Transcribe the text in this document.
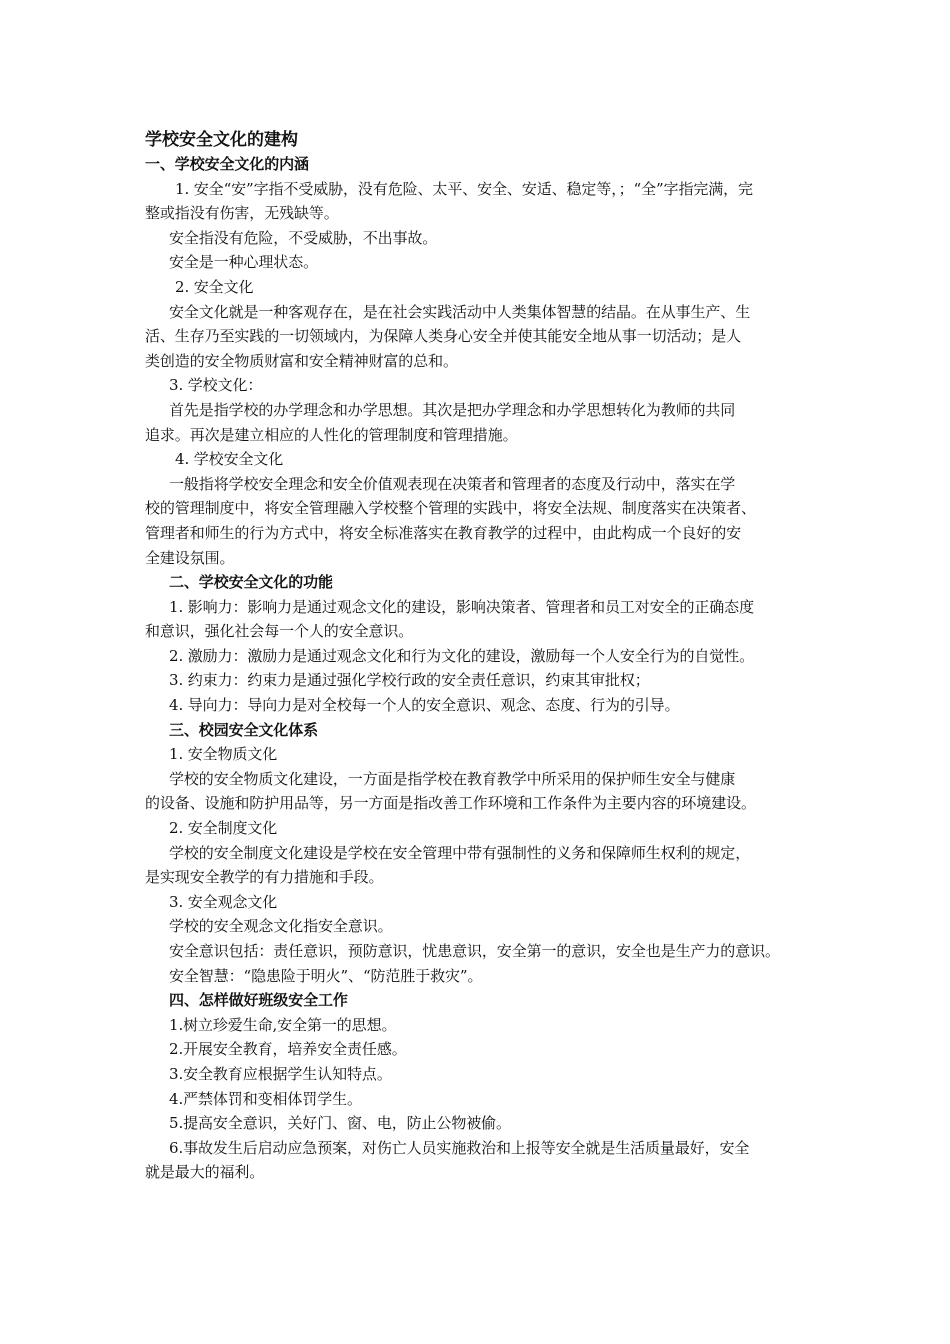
学校安全文化的建构
一、学校安全文化的内涵
1. 安全“安”字指不受威胁，没有危险、太平、安全、安适、稳定等，；“全”字指完满，完
整或指没有伤害，无残缺等。
安全指没有危险，不受威胁，不出事故。
安全是一种心理状态。
2. 安全文化
安全文化就是一种客观存在，是在社会实践活动中人类集体智慧的结晶。在从事生产、生
活、生存乃至实践的一切领域内，为保障人类身心安全并使其能安全地从事一切活动；是人
类创造的安全物质财富和安全精神财富的总和。
3. 学校文化：
首先是指学校的办学理念和办学思想。其次是把办学理念和办学思想转化为教师的共同
追求。再次是建立相应的人性化的管理制度和管理措施。
4. 学校安全文化
一般指将学校安全理念和安全价值观表现在决策者和管理者的态度及行动中，落实在学
校的管理制度中，将安全管理融入学校整个管理的实践中，将安全法规、制度落实在决策者、
管理者和师生的行为方式中，将安全标准落实在教育教学的过程中，由此构成一个良好的安
全建设氛围。
二、学校安全文化的功能
1. 影响力：影响力是通过观念文化的建设，影响决策者、管理者和员工对安全的正确态度
和意识，强化社会每一个人的安全意识。
2. 激励力：激励力是通过观念文化和行为文化的建设，激励每一个人安全行为的自觉性。
3. 约束力：约束力是通过强化学校行政的安全责任意识，约束其审批权；
4. 导向力：导向力是对全校每一个人的安全意识、观念、态度、行为的引导。
三、校园安全文化体系
1. 安全物质文化
学校的安全物质文化建设，一方面是指学校在教育教学中所采用的保护师生安全与健康
的设备、设施和防护用品等，另一方面是指改善工作环境和工作条件为主要内容的环境建设。
2. 安全制度文化
学校的安全制度文化建设是学校在安全管理中带有强制性的义务和保障师生权利的规定，
是实现安全教学的有力措施和手段。
3. 安全观念文化
学校的安全观念文化指安全意识。
安全意识包括：责任意识，预防意识，忧患意识，安全第一的意识，安全也是生产力的意识。
安全智慧：“隐患险于明火”、“防范胜于救灾”。
四、怎样做好班级安全工作
1.树立珍爱生命,安全第一的思想。
2.开展安全教育，培养安全责任感。
3.安全教育应根据学生认知特点。
4.严禁体罚和变相体罚学生。
5.提高安全意识，关好门、窗、电，防止公物被偷。
6.事故发生后启动应急预案，对伤亡人员实施救治和上报等安全就是生活质量最好，安全
就是最大的福利。
